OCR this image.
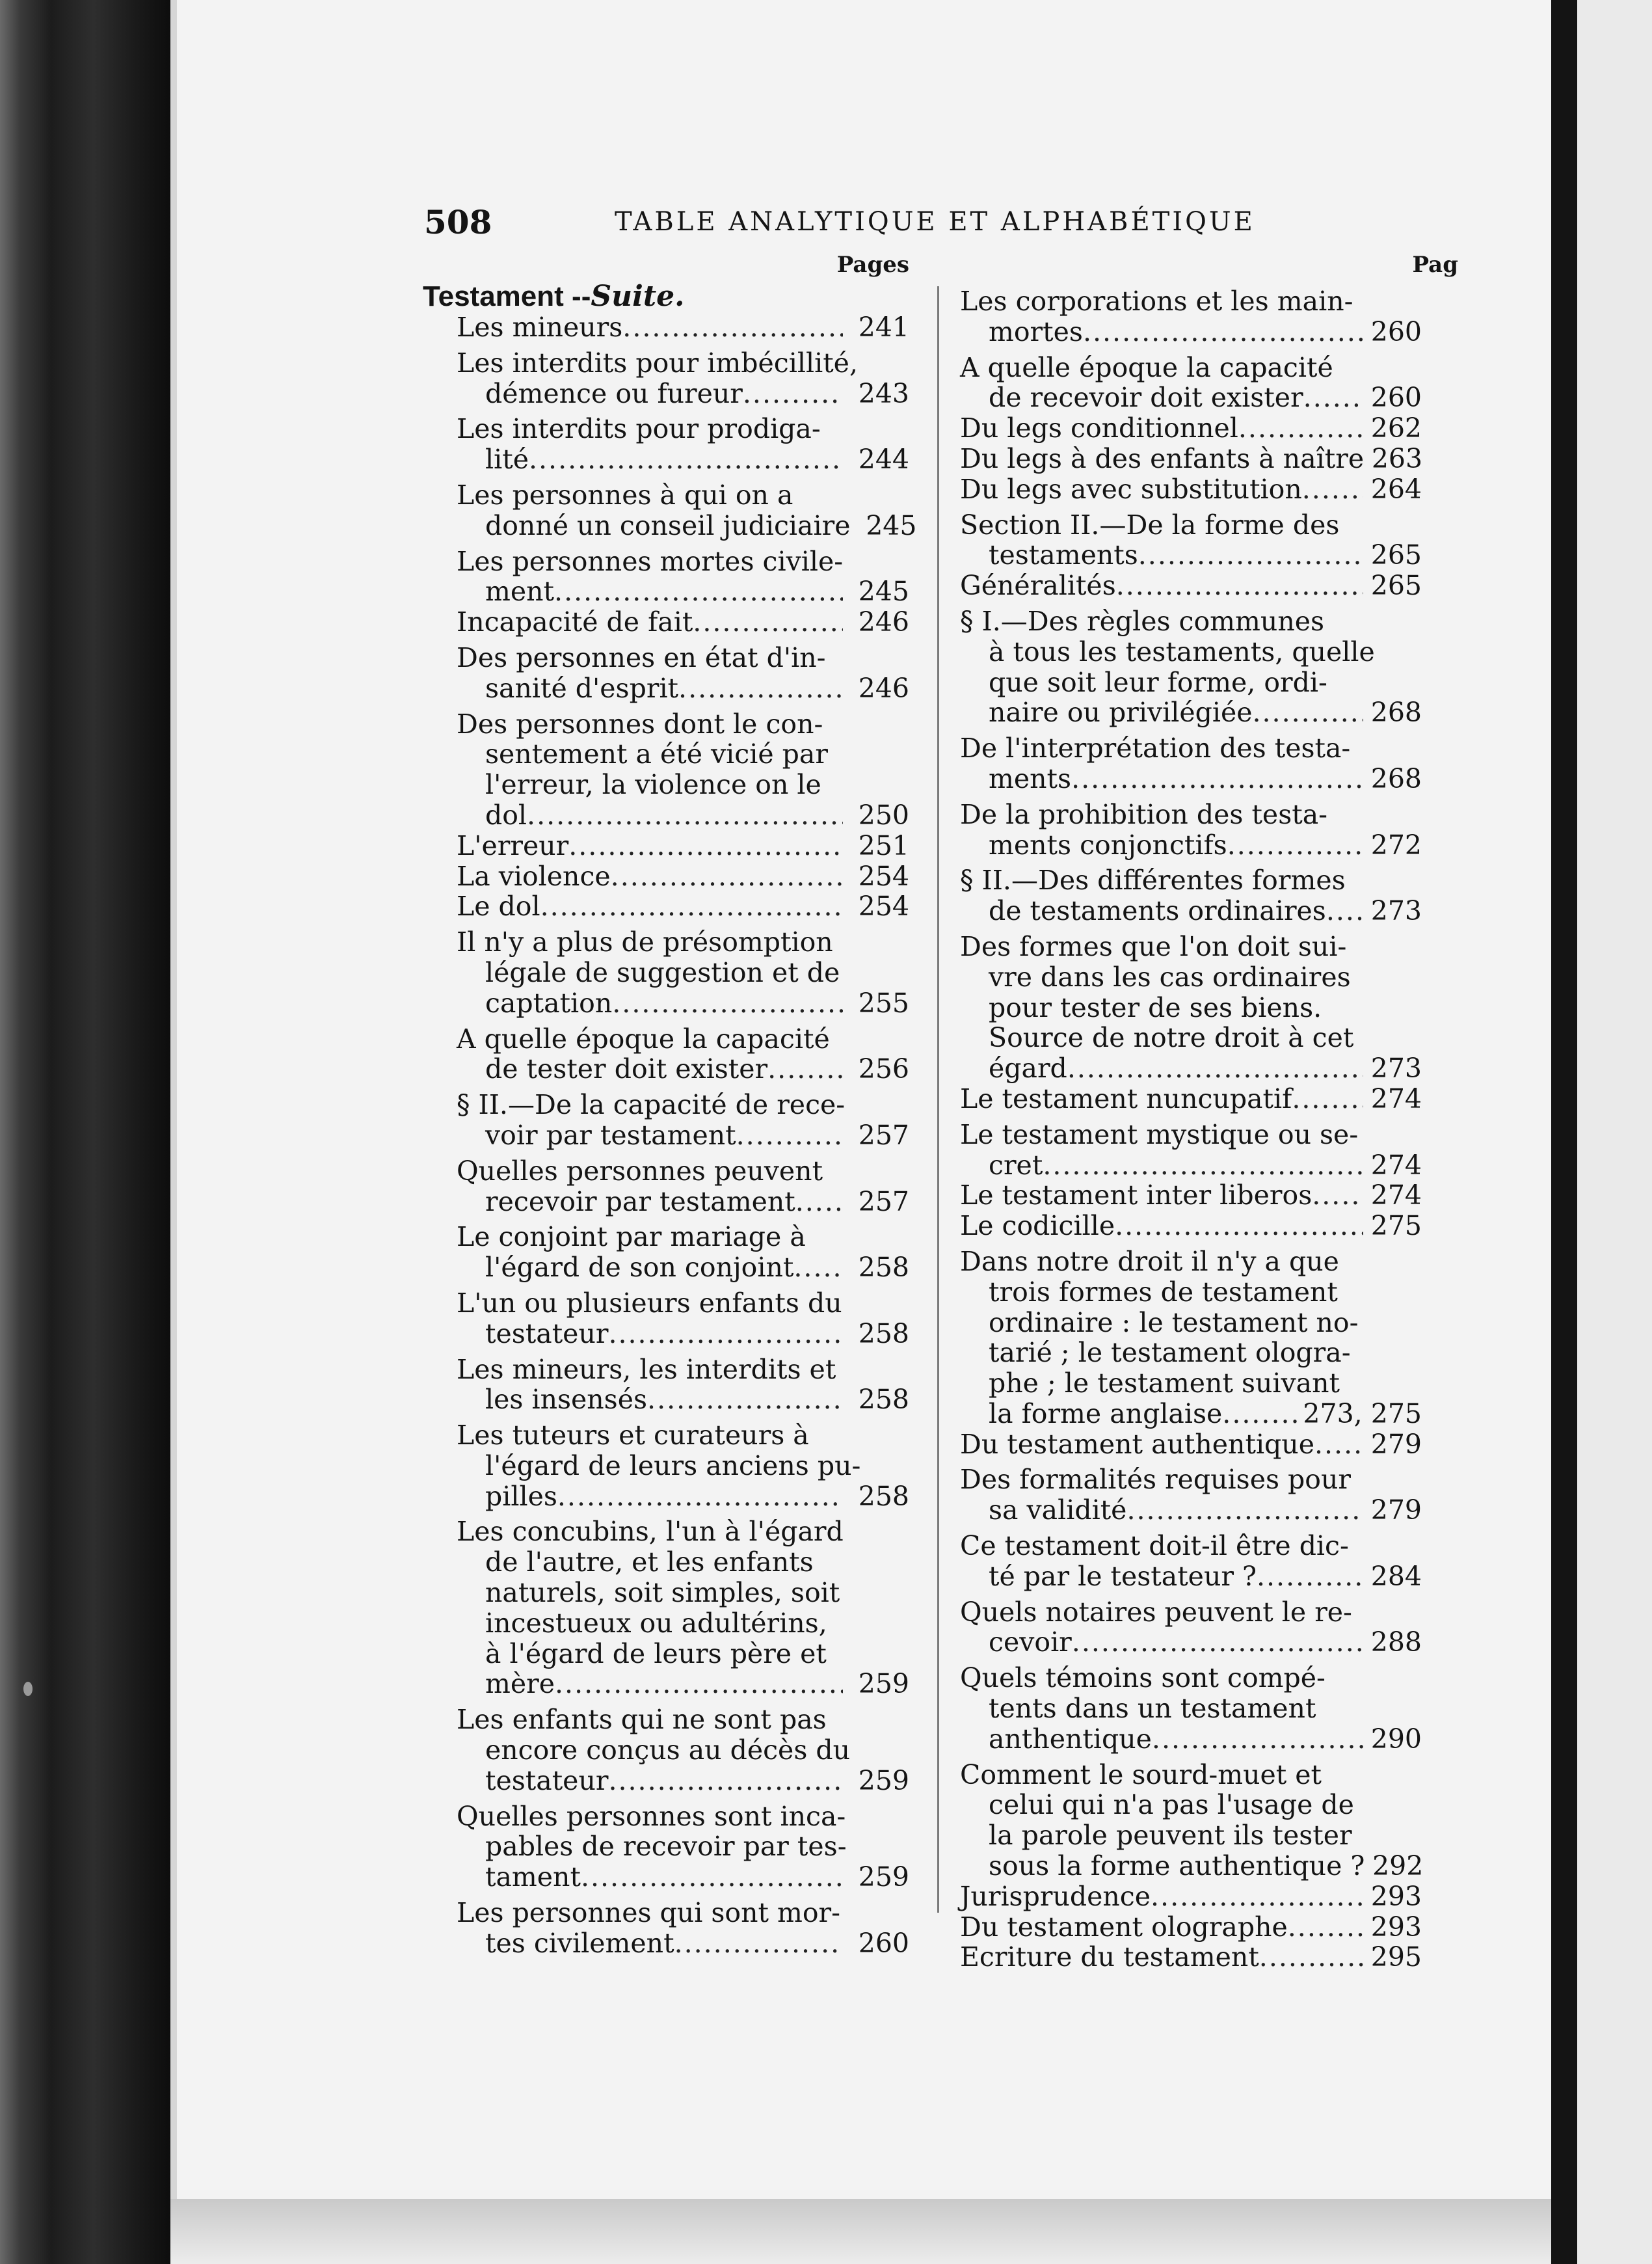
508	TABLE ANALYTIQUE ET ALPHABÉTIQUE
Pages
Testament --Suite.
Les mineurs .....	241
Les interdits pour imbécillité,
démence ou fureur .....	243
Les interdits pour prodiga-
lité .....	244
Les personnes à qui on a
donné un conseil judiciaire 245
Les personnes mortes civile-
ment .....	245
Incapacité de fait .....	246
Des personnes en état d'in-
sanité d'esprit .....	246
Des personnes dont le con-
sentement a été vicié par
l'erreur, la violence on le
dol .....	250
L'erreur .....	251
La violence .....	254
Le dol .....	254
Il n'y a plus de présomption
légale de suggestion et de
captation .....	255
A quelle époque la capacité
de tester doit exister .....	256
§ II.—De la capacité de rece-
voir par testament .....	257
Quelles personnes peuvent
recevoir par testament .....	257
Le conjoint par mariage à
l'égard de son conjoint .....	258
L'un ou plusieurs enfants du
testateur .....	258
Les mineurs, les interdits et
les insensés .....	258
Les tuteurs et curateurs à
l'égard de leurs anciens pu-
pilles .....	258
Les concubins, l'un à l'égard
de l'autre, et les enfants
naturels, soit simples, soit
incestueux ou adultérins,
à l'égard de leurs père et
mère .....	259
Les enfants qui ne sont pas
encore conçus au décès du
testateur .....	259
Quelles personnes sont inca-
pables de recevoir par tes-
tament .....	259
Les personnes qui sont mor-
tes civilement .....	260
Pag
Les corporations et les main-
mortes .....	260
A quelle époque la capacité
de recevoir doit exister .....	260
Du legs conditionnel .....	262
Du legs à des enfants à naître 263
Du legs avec substitution .....	264
Section II.—De la forme des
testaments .....	265
Généralités .....	265
§ I.—Des règles communes
à tous les testaments, quelle
que soit leur forme, ordi-
naire ou privilégiée .....	268
De l'interprétation des testa-
ments .....	268
De la prohibition des testa-
ments conjonctifs .....	272
§ II.—Des différentes formes
de testaments ordinaires ..... 273
Des formes que l'on doit sui-
vre dans les cas ordinaires
pour tester de ses biens.
Source de notre droit à cet
égard .....	273
Le testament nuncupatif .....	274
Le testament mystique ou se-
cret .....	274
Le testament inter liberos ..... 274
Le codicille .....	275
Dans notre droit il n'y a que
trois formes de testament
ordinaire : le testament no-
tarié ; le testament ologra-
phe ; le testament suivant
la forme anglaise .....	273, 275
Du testament authentique ..... 279
Des formalités requises pour
sa validité .....	279
Ce testament doit-il être dic-
té par le testateur ? .....	284
Quels notaires peuvent le re-
cevoir .....	288
Quels témoins sont compé-
tents dans un testament
anthentique .....	290
Comment le sourd-muet et
celui qui n'a pas l'usage de
la parole peuvent ils tester
sous la forme authentique ? 292
Jurisprudence .....	293
Du testament olographe .....	293
Ecriture du testament .....	295
